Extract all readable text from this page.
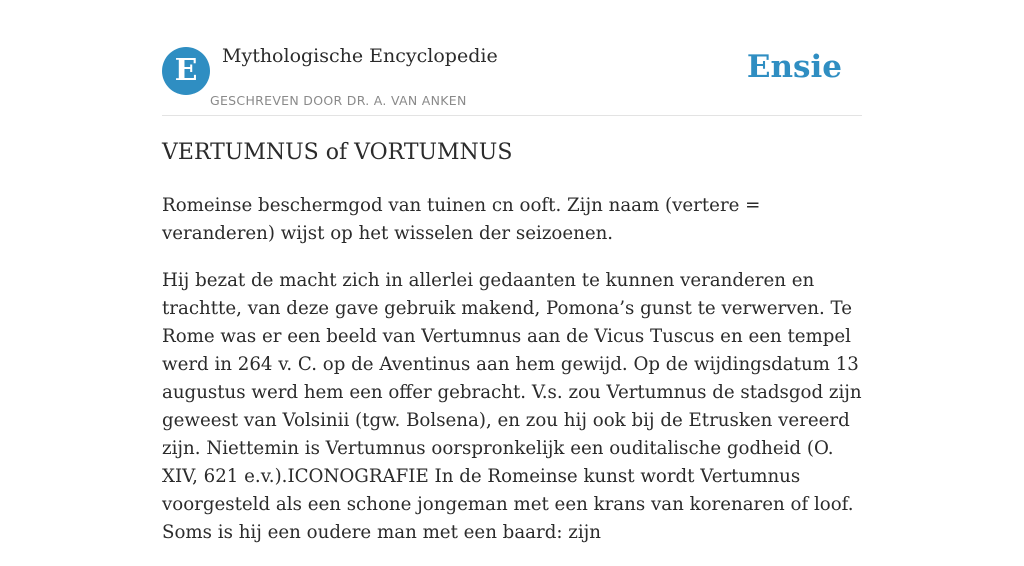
E	Mythologische Encyclopedie
GESCHREVEN DOOR DR. A. VAN ANKEN
Ensie
VERTUMNUS of VORTUMNUS

Romeinse beschermgod van tuinen cn ooft. Zijn naam (vertere = veranderen) wijst op het wisselen der seizoenen.

Hij bezat de macht zich in allerlei gedaanten te kunnen veranderen en trachtte, van deze gave gebruik makend, Pomona’s gunst te verwerven. Te Rome was er een beeld van Vertumnus aan de Vicus Tuscus en een tempel werd in 264 v. C. op de Aventinus aan hem gewijd. Op de wijdingsdatum 13 augustus werd hem een offer gebracht. V.s. zou Vertumnus de stadsgod zijn geweest van Volsinii (tgw. Bolsena), en zou hij ook bij de Etrusken vereerd zijn. Niettemin is Vertumnus oorspronkelijk een ouditalische godheid (O. XIV, 621 e.v.).ICONOGRAFIE In de Romeinse kunst wordt Vertumnus voorgesteld als een schone jongeman met een krans van korenaren of loof. Soms is hij een oudere man met een baard: zijn
